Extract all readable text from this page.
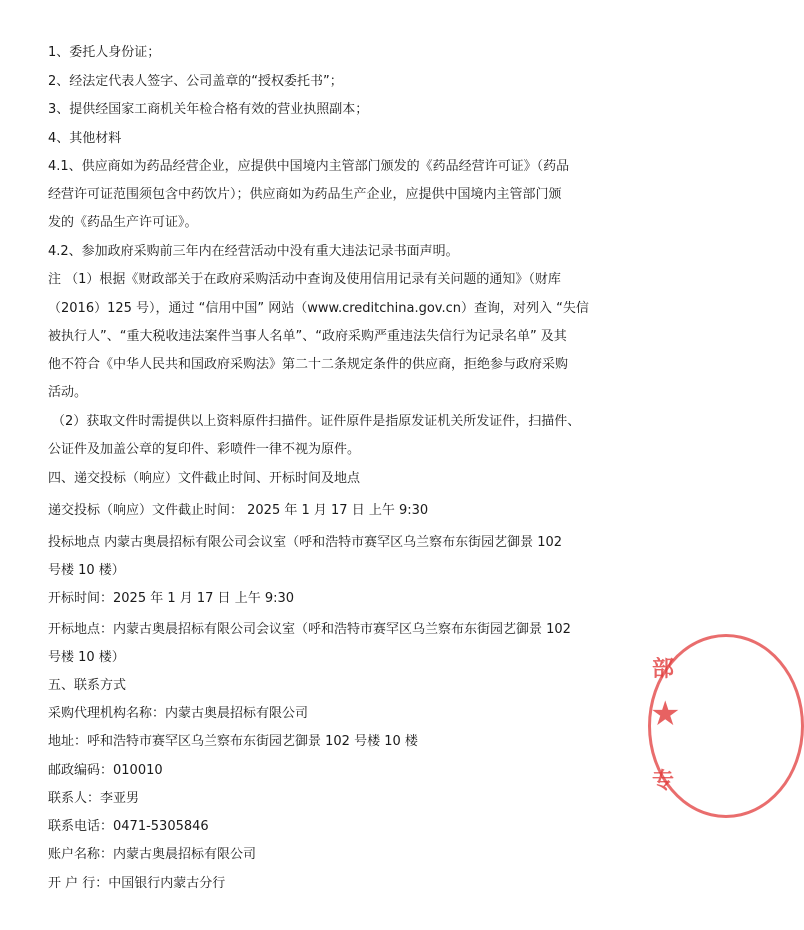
1、委托人身份证；
2、经法定代表人签字、公司盖章的“授权委托书”；
3、提供经国家工商机关年检合格有效的营业执照副本；
4、其他材料
4.1、供应商如为药品经营企业，应提供中国境内主管部门颁发的《药品经营许可证》（药品
经营许可证范围须包含中药饮片）；供应商如为药品生产企业，应提供中国境内主管部门颁
发的《药品生产许可证》。
4.2、参加政府采购前三年内在经营活动中没有重大违法记录书面声明。
注 （1）根据《财政部关于在政府采购活动中查询及使用信用记录有关问题的通知》（财库
（2016）125 号），通过 “信用中国” 网站（www.creditchina.gov.cn）查询，对列入 “失信
被执行人”、“重大税收违法案件当事人名单”、“政府采购严重违法失信行为记录名单” 及其
他不符合《中华人民共和国政府采购法》第二十二条规定条件的供应商，拒绝参与政府采购
活动。
（2）获取文件时需提供以上资料原件扫描件。证件原件是指原发证机关所发证件，扫描件、
公证件及加盖公章的复印件、彩喷件一律不视为原件。
四、递交投标（响应）文件截止时间、开标时间及地点
递交投标（响应）文件截止时间： 2025 年 1 月 17 日 上午 9:30
投标地点 内蒙古奥晨招标有限公司会议室（呼和浩特市赛罕区乌兰察布东街园艺御景 102
号楼 10 楼）
开标时间：2025 年 1 月 17 日 上午 9:30
开标地点：内蒙古奥晨招标有限公司会议室（呼和浩特市赛罕区乌兰察布东街园艺御景 102
号楼 10 楼）
五、联系方式
采购代理机构名称：内蒙古奥晨招标有限公司
地址：呼和浩特市赛罕区乌兰察布东街园艺御景 102 号楼 10 楼
邮政编码：010010
联系人：李亚男
联系电话：0471-5305846
账户名称：内蒙古奥晨招标有限公司
开 户 行：中国银行内蒙古分行
部
★
专
